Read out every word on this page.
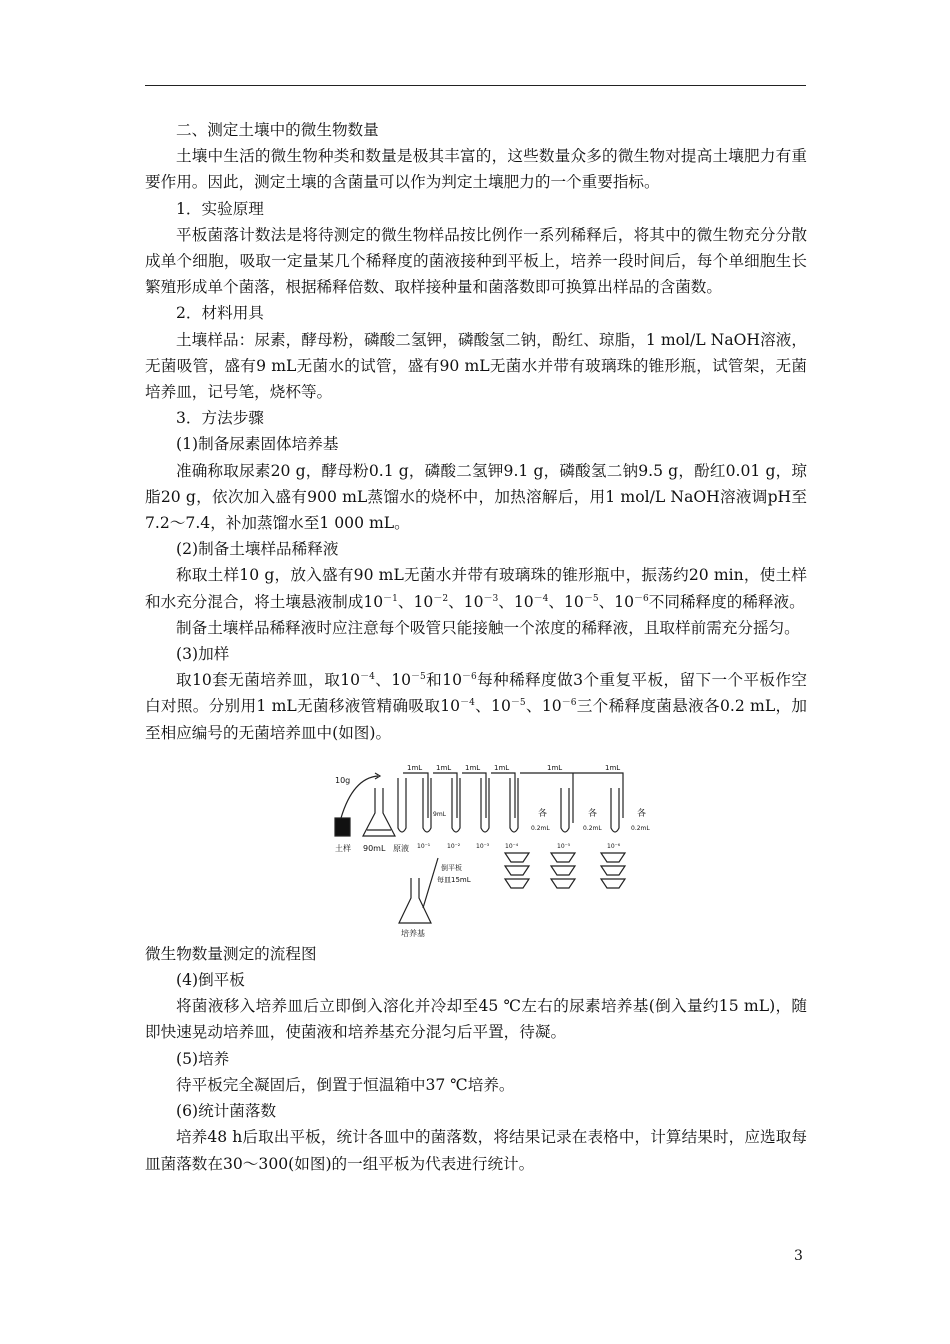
二、测定土壤中的微生物数量

土壤中生活的微生物种类和数量是极其丰富的，这些数量众多的微生物对提高土壤肥力有重要作用。因此，测定土壤的含菌量可以作为判定土壤肥力的一个重要指标。

1．实验原理

平板菌落计数法是将待测定的微生物样品按比例作一系列稀释后，将其中的微生物充分分散成单个细胞，吸取一定量某几个稀释度的菌液接种到平板上，培养一段时间后，每个单细胞生长繁殖形成单个菌落，根据稀释倍数、取样接种量和菌落数即可换算出样品的含菌数。

2．材料用具

土壤样品：尿素，酵母粉，磷酸二氢钾，磷酸氢二钠，酚红、琼脂，1 mol/L NaOH溶液，无菌吸管，盛有9 mL无菌水的试管，盛有90 mL无菌水并带有玻璃珠的锥形瓶，试管架，无菌培养皿，记号笔，烧杯等。

3．方法步骤

(1)制备尿素固体培养基

准确称取尿素20 g，酵母粉0.1 g，磷酸二氢钾9.1 g，磷酸氢二钠9.5 g，酚红0.01 g，琼脂20 g，依次加入盛有900 mL蒸馏水的烧杯中，加热溶解后，用1 mol/L NaOH溶液调pH至7.2～7.4，补加蒸馏水至1 000 mL。

(2)制备土壤样品稀释液

称取土样10 g，放入盛有90 mL无菌水并带有玻璃珠的锥形瓶中，振荡约20 min，使土样和水充分混合，将土壤悬液制成$10^{-1}$、$10^{-2}$、$10^{-3}$、$10^{-4}$、$10^{-5}$、$10^{-6}$不同稀释度的稀释液。

制备土壤样品稀释液时应注意每个吸管只能接触一个浓度的稀释液，且取样前需充分摇匀。

(3)加样

取10套无菌培养皿，取$10^{-4}$、$10^{-5}$和$10^{-6}$每种稀释度做3个重复平板，留下一个平板作空白对照。分别用1 mL无菌移液管精确吸取$10^{-4}$、$10^{-5}$、$10^{-6}$三个稀释度菌悬液各0.2 mL，加至相应编号的无菌培养皿中(如图)。

10g
土样 90mL 原液
1mL 1mL 1mL 1mL	1mL	1mL
9mL
10⁻¹	10⁻²	10⁻³	10⁻⁴
各
0.2mL
各
0.2mL
各
0.2mL
10⁻⁵	10⁻⁶
倒平板
每皿15mL
培养基

微生物数量测定的流程图

(4)倒平板

将菌液移入培养皿后立即倒入溶化并冷却至45 ℃左右的尿素培养基(倒入量约15 mL)，随即快速晃动培养皿，使菌液和培养基充分混匀后平置，待凝。

(5)培养

待平板完全凝固后，倒置于恒温箱中37 ℃培养。

(6)统计菌落数

培养48 h后取出平板，统计各皿中的菌落数，将结果记录在表格中，计算结果时，应选取每皿菌落数在30～300(如图)的一组平板为代表进行统计。

3
